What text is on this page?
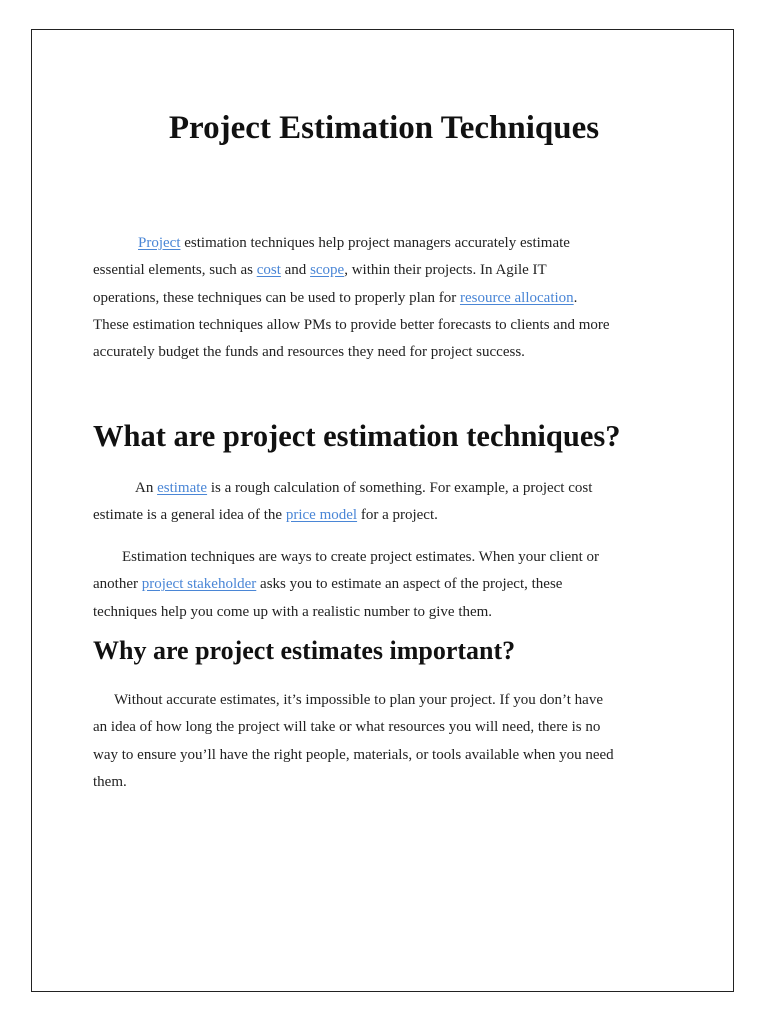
Project Estimation Techniques
Project estimation techniques help project managers accurately estimate
essential elements, such as cost and scope, within their projects. In Agile IT
operations, these techniques can be used to properly plan for resource allocation.
These estimation techniques allow PMs to provide better forecasts to clients and more
accurately budget the funds and resources they need for project success.
What are project estimation techniques?
An estimate is a rough calculation of something. For example, a project cost
estimate is a general idea of the price model for a project.
Estimation techniques are ways to create project estimates. When your client or
another project stakeholder asks you to estimate an aspect of the project, these
techniques help you come up with a realistic number to give them.
Why are project estimates important?
Without accurate estimates, it’s impossible to plan your project. If you don’t have
an idea of how long the project will take or what resources you will need, there is no
way to ensure you’ll have the right people, materials, or tools available when you need
them.
